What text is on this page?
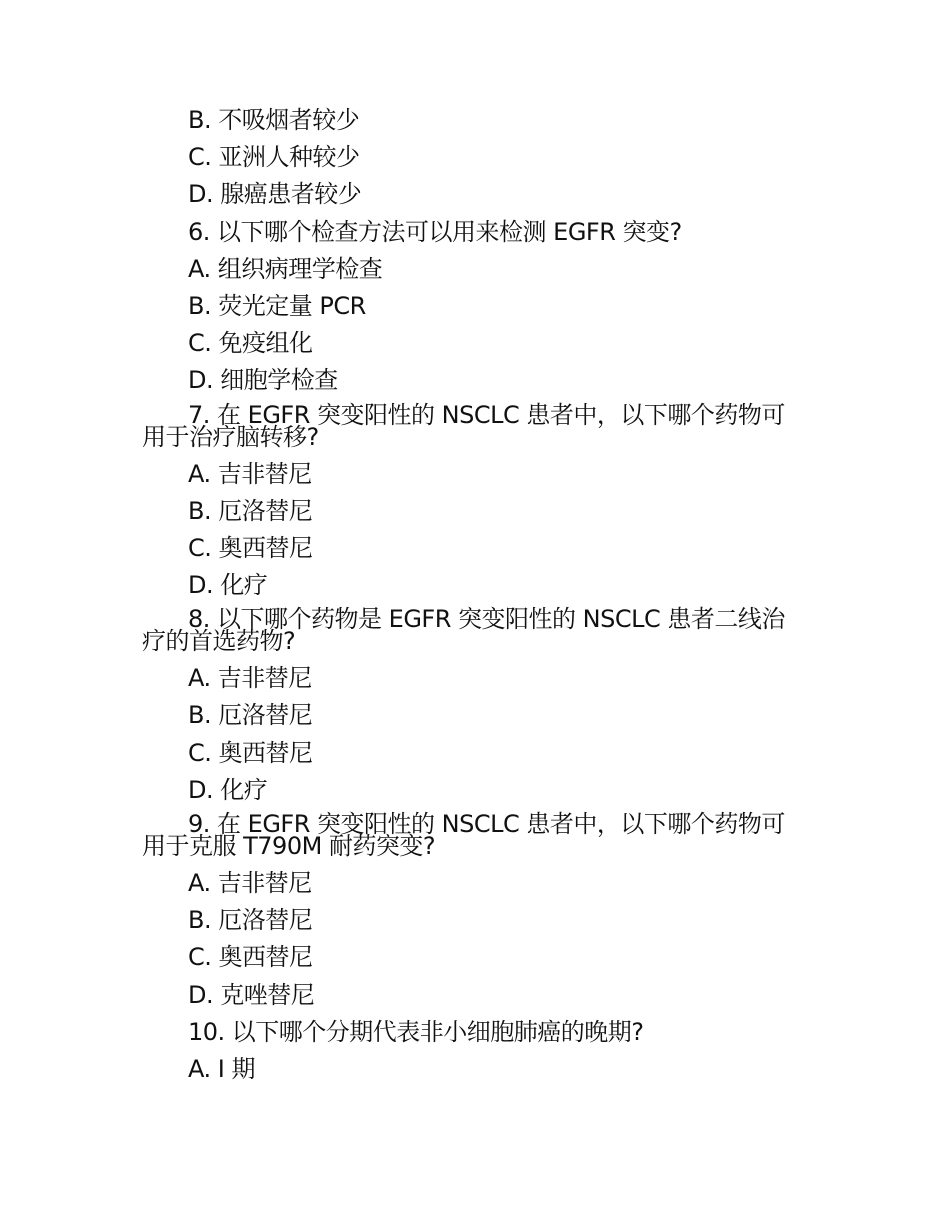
B. 不吸烟者较少
C. 亚洲人种较少
D. 腺癌患者较少
6. 以下哪个检查方法可以用来检测 EGFR 突变?
A. 组织病理学检查
B. 荧光定量 PCR
C. 免疫组化
D. 细胞学检查
7. 在 EGFR 突变阳性的 NSCLC 患者中，以下哪个药物可用于治疗脑转移?
A. 吉非替尼
B. 厄洛替尼
C. 奥西替尼
D. 化疗
8. 以下哪个药物是 EGFR 突变阳性的 NSCLC 患者二线治疗的首选药物?
A. 吉非替尼
B. 厄洛替尼
C. 奥西替尼
D. 化疗
9. 在 EGFR 突变阳性的 NSCLC 患者中，以下哪个药物可用于克服 T790M 耐药突变?
A. 吉非替尼
B. 厄洛替尼
C. 奥西替尼
D. 克唑替尼
10. 以下哪个分期代表非小细胞肺癌的晚期?
A. I 期
